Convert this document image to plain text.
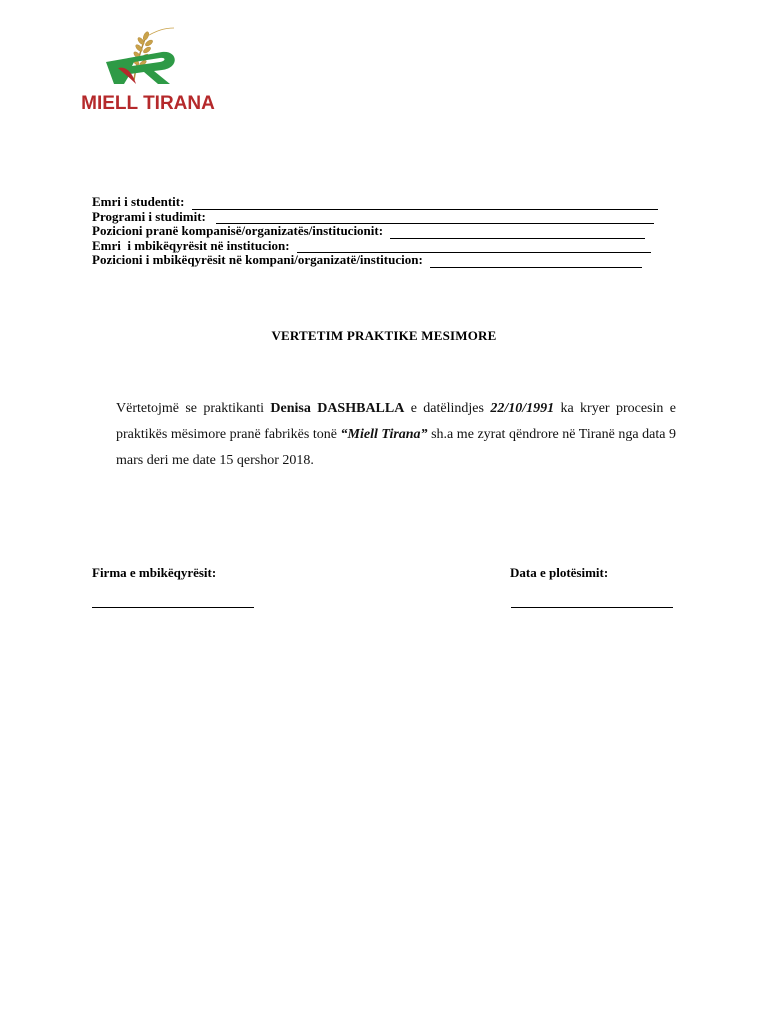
MIELL TIRANA
Emri i studentit:
Programi i studimit:
Pozicioni pranë kompanisë/organizatës/institucionit:
Emri  i mbikëqyrësit në institucion:
Pozicioni i mbikëqyrësit në kompani/organizatë/institucion:
VERTETIM PRAKTIKE MESIMORE
Vërtetojmë se praktikanti Denisa DASHBALLA e datëlindjes 22/10/1991 ka kryer procesin e praktikës mësimore pranë fabrikës tonë “Miell Tirana” sh.a me zyrat qëndrore në Tiranë nga data 9 mars deri me date 15 qershor 2018.
Firma e mbikëqyrësit:	Data e plotësimit:
